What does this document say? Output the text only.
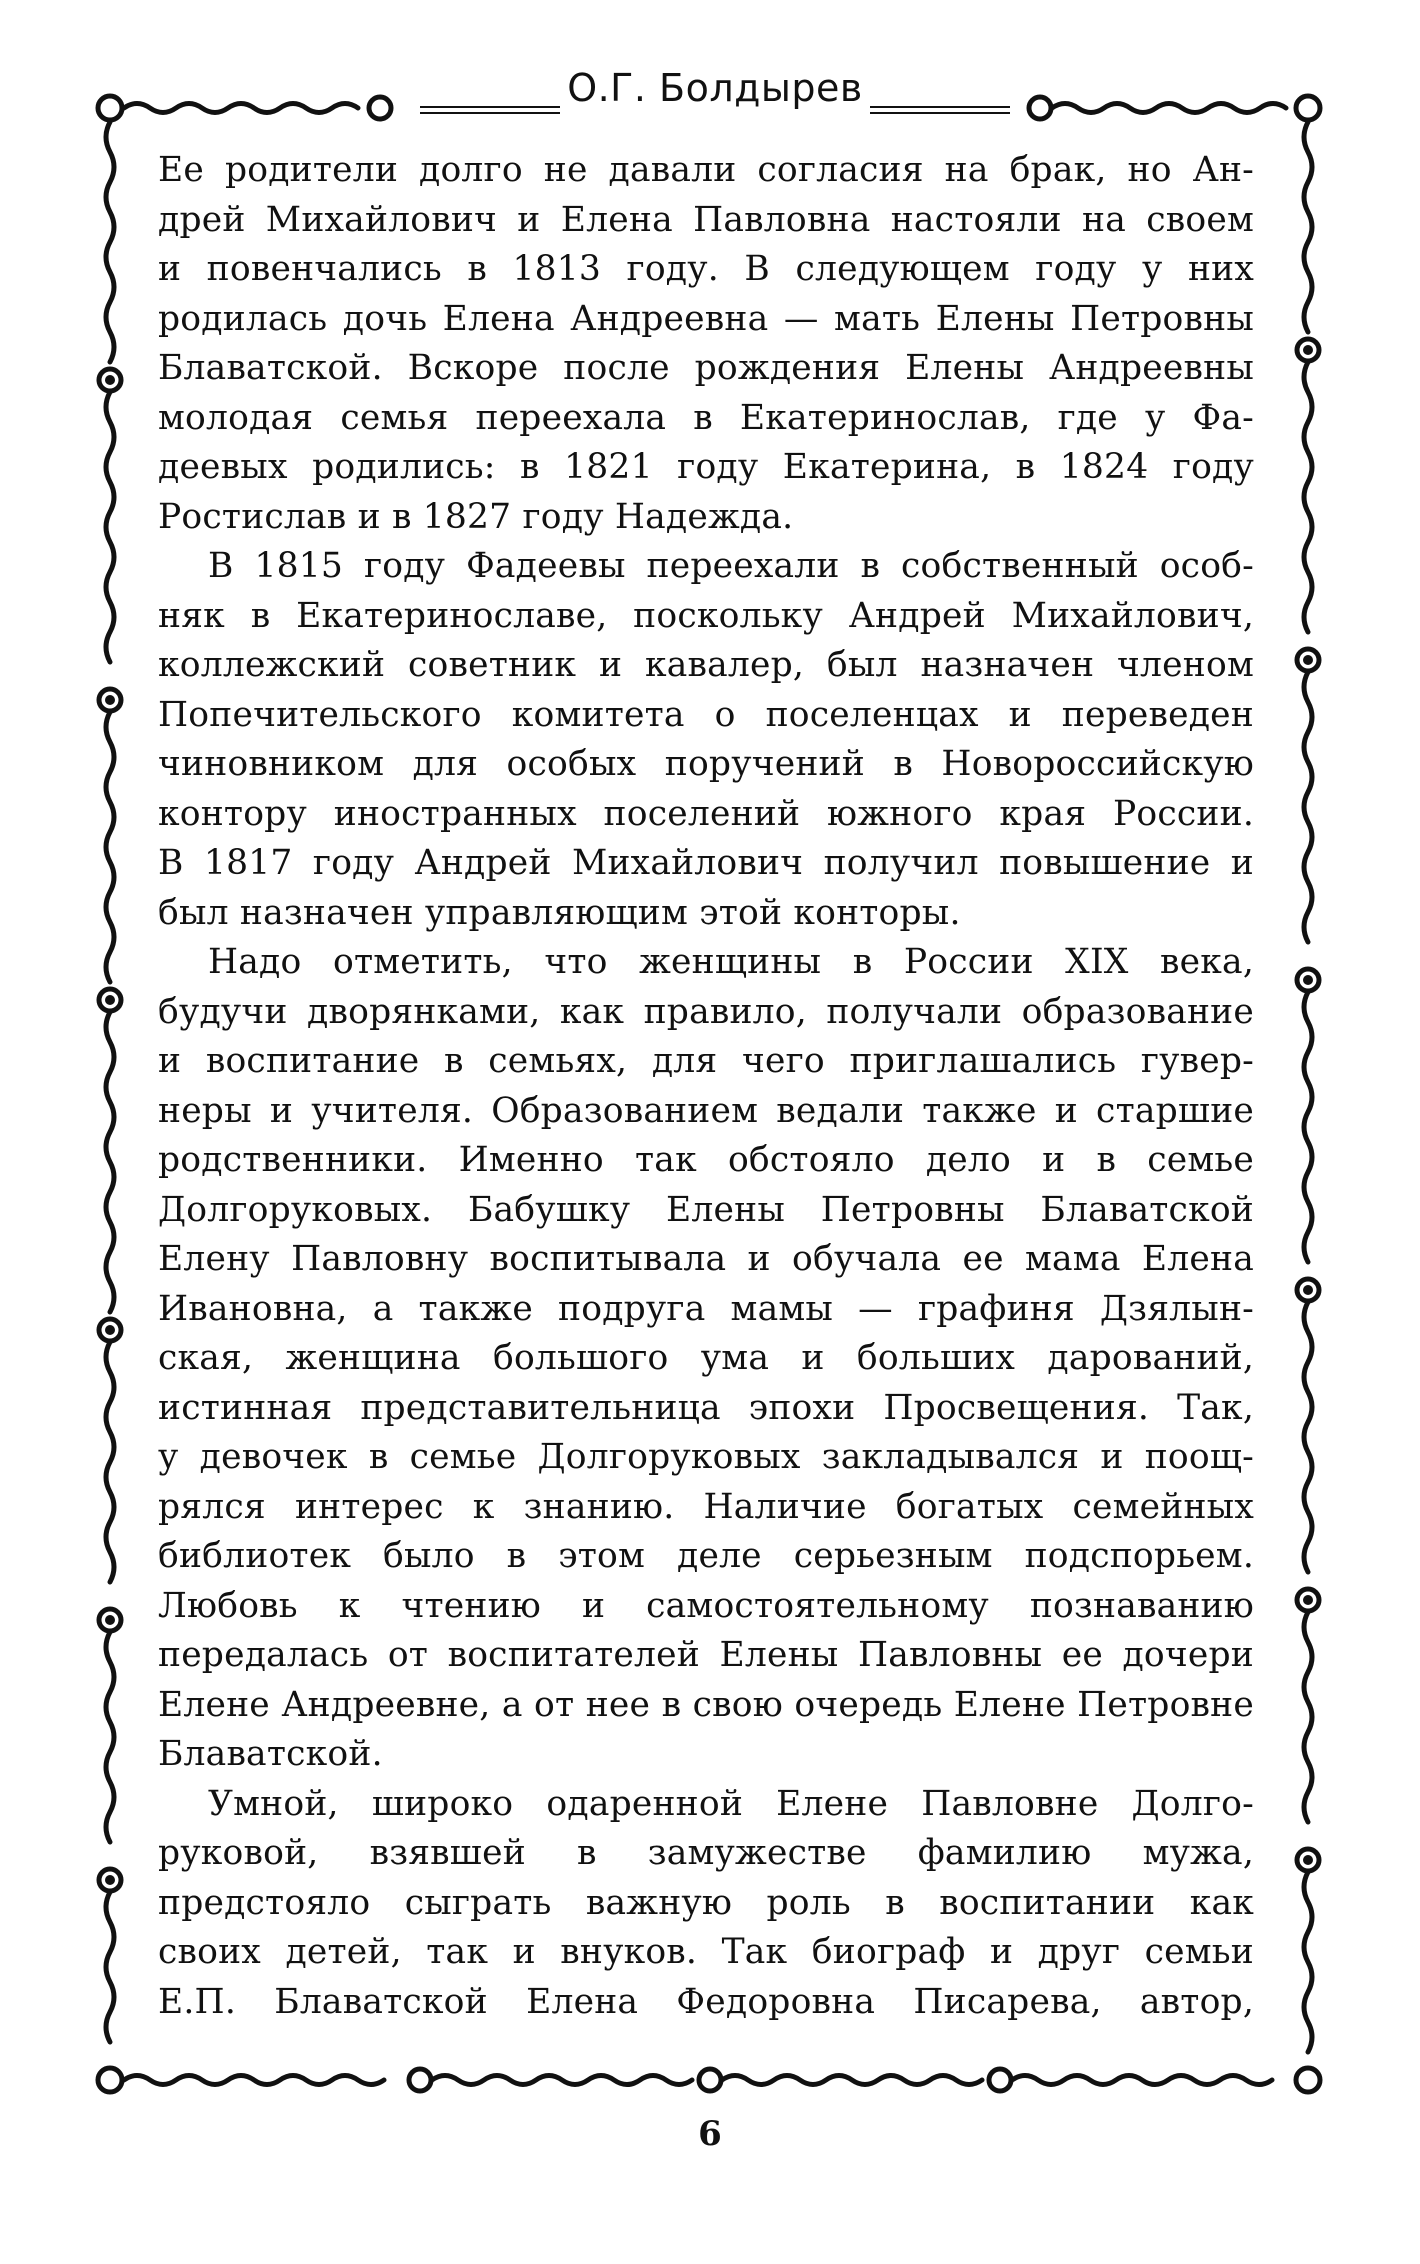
О.Г. Болдырев
Ее родители долго не давали согласия на брак, но Ан-
дрей Михайлович и Елена Павловна настояли на своем
и повенчались в 1813 году. В следующем году у них
родилась дочь Елена Андреевна — мать Елены Петровны
Блаватской. Вскоре после рождения Елены Андреевны
молодая семья переехала в Екатеринослав, где у Фа-
деевых родились: в 1821 году Екатерина, в 1824 году
Ростислав и в 1827 году Надежда.
В 1815 году Фадеевы переехали в собственный особ-
няк в Екатеринославе, поскольку Андрей Михайлович,
коллежский советник и кавалер, был назначен членом
Попечительского комитета о поселенцах и переведен
чиновником для особых поручений в Новороссийскую
контору иностранных поселений южного края России.
В 1817 году Андрей Михайлович получил повышение и
был назначен управляющим этой конторы.
Надо отметить, что женщины в России XIX века,
будучи дворянками, как правило, получали образование
и воспитание в семьях, для чего приглашались гувер-
неры и учителя. Образованием ведали также и старшие
родственники. Именно так обстояло дело и в семье
Долгоруковых. Бабушку Елены Петровны Блаватской
Елену Павловну воспитывала и обучала ее мама Елена
Ивановна, а также подруга мамы — графиня Дзялын-
ская, женщина большого ума и больших дарований,
истинная представительница эпохи Просвещения. Так,
у девочек в семье Долгоруковых закладывался и поощ-
рялся интерес к знанию. Наличие богатых семейных
библиотек было в этом деле серьезным подспорьем.
Любовь к чтению и самостоятельному познаванию
передалась от воспитателей Елены Павловны ее дочери
Елене Андреевне, а от нее в свою очередь Елене Петровне
Блаватской.
Умной, широко одаренной Елене Павловне Долго-
руковой, взявшей в замужестве фамилию мужа,
предстояло сыграть важную роль в воспитании как
своих детей, так и внуков. Так биограф и друг семьи
Е.П. Блаватской Елена Федоровна Писарева, автор,
6
